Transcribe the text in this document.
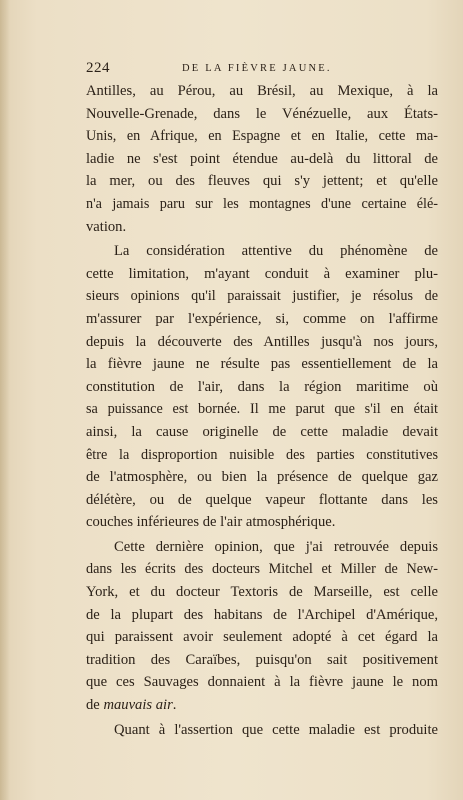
224	DE LA FIÈVRE JAUNE.
Antilles, au Pérou, au Brésil, au Mexique, à la
Nouvelle-Grenade, dans le Vénézuelle, aux États-
Unis, en Afrique, en Espagne et en Italie, cette ma-
ladie ne s'est point étendue au-delà du littoral de
la mer, ou des fleuves qui s'y jettent; et qu'elle
n'a jamais paru sur les montagnes d'une certaine élé-
vation.
La considération attentive du phénomène de
cette limitation, m'ayant conduit à examiner plu-
sieurs opinions qu'il paraissait justifier, je résolus de
m'assurer par l'expérience, si, comme on l'affirme
depuis la découverte des Antilles jusqu'à nos jours,
la fièvre jaune ne résulte pas essentiellement de la
constitution de l'air, dans la région maritime où
sa puissance est bornée. Il me parut que s'il en était
ainsi, la cause originelle de cette maladie devait
être la disproportion nuisible des parties constitutives
de l'atmosphère, ou bien la présence de quelque gaz
délétère, ou de quelque vapeur flottante dans les
couches inférieures de l'air atmosphérique.
Cette dernière opinion, que j'ai retrouvée depuis
dans les écrits des docteurs Mitchel et Miller de New-
York, et du docteur Textoris de Marseille, est celle
de la plupart des habitans de l'Archipel d'Amérique,
qui paraissent avoir seulement adopté à cet égard la
tradition des Caraïbes, puisqu'on sait positivement
que ces Sauvages donnaient à la fièvre jaune le nom
de mauvais air.
Quant à l'assertion que cette maladie est produite
